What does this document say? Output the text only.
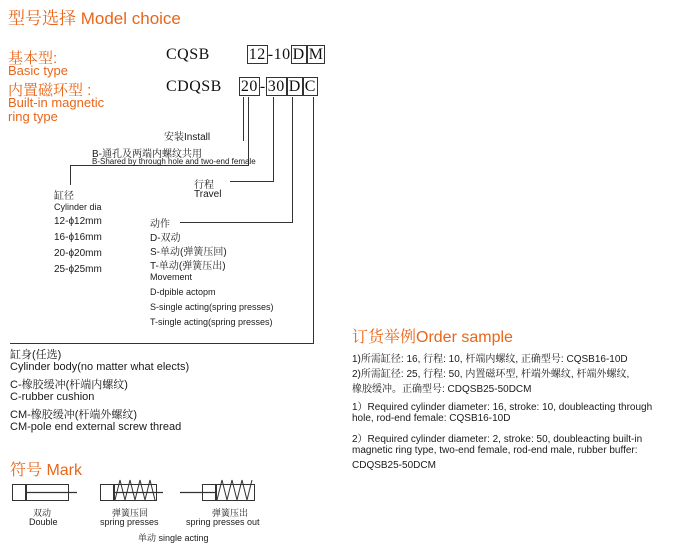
型号选择 Model choice
基本型:
Basic type
CQSB 12 -10 D M
内置磁环型 :
Built-in magnetic
ring type
CDQSB 20 - 30 D C
安装Install
B-通孔及两端内螺纹共用
B-Shared by through hole and two-end female
缸径
Cylinder dia
12-ϕ12mm
16-ϕ16mm
20-ϕ20mm
25-ϕ25mm
行程
Travel
动作
D-双动
S-单动(弹簧压回)
T-单动(弹簧压出)
Movement
D-dpible actopm
S-single acting(spring presses)
T-single acting(spring presses)
缸身(任选)
Cylinder body(no matter what elects)
C-橡胶缓冲(杆端内螺纹)
C-rubber cushion
CM-橡胶缓冲(杆端外螺纹)
CM-pole end external screw thread
订货举例Order sample
1)所需缸径: 16, 行程: 10, 杆端内螺纹, 正确型号: CQSB16-10D
2)所需缸径: 25, 行程: 50, 内置磁环型, 杆端外螺纹, 杆端外螺纹,
橡胶缓冲。正确型号: CDQSB25-50DCM
1）Required cylinder diameter: 16, stroke: 10, doubleacting through
hole, rod-end female: CQSB16-10D
2）Required cylinder diameter: 2, stroke: 50, doubleacting built-in
magnetic ring type, two-end female, rod-end male, rubber buffer:
CDQSB25-50DCM
符号 Mark
双动
Double
弹簧压回
spring presses
弹簧压出
spring presses out
单动 single acting
